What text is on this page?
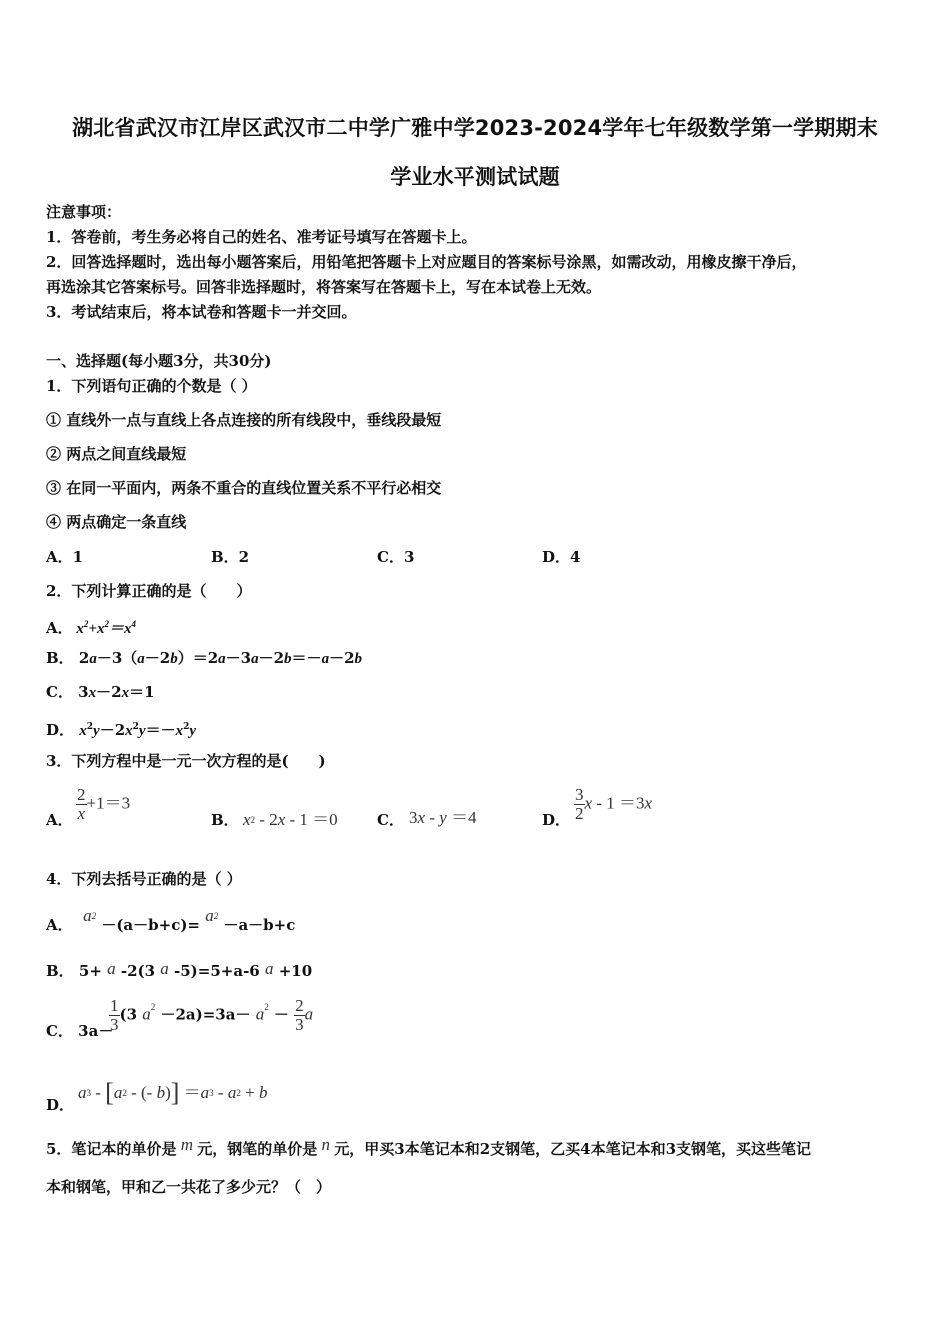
湖北省武汉市江岸区武汉市二中学广雅中学2023-2024学年七年级数学第一学期期末
学业水平测试试题
注意事项：
1．答卷前，考生务必将自己的姓名、准考证号填写在答题卡上。
2．回答选择题时，选出每小题答案后，用铅笔把答题卡上对应题目的答案标号涂黑，如需改动，用橡皮擦干净后，
再选涂其它答案标号。回答非选择题时，将答案写在答题卡上，写在本试卷上无效。
3．考试结束后，将本试卷和答题卡一并交回。
一、选择题(每小题3分，共30分)
1．下列语句正确的个数是（ ）
① 直线外一点与直线上各点连接的所有线段中，垂线段最短
② 两点之间直线最短
③ 在同一平面内，两条不重合的直线位置关系不平行必相交
④ 两点确定一条直线
A．1	B．2	C．3	D．4
2．下列计算正确的是（　　）
A． $x^2+x^2=x^4$
B． 2a－3（a－2b）＝2a－3a－2b＝－a－2b
C． 3x－2x＝1
D． $x^2y-2x^2y=-x^2y$
3．下列方程中是一元一次方程的是(　　)
A． $\frac{2}{x} +1=3$
B． $x^2 - 2x - 1 =0$	C． 3x - y ＝4	D． $\frac{3}{2}$ x - 1 ＝3x
4．下列去括号正确的是（ ）
A． $a^2 -(a-b+c)= a^2 -a-b+c$
B． 5+ a -2(3 a -5)=5+a-6 a +10
C． 3a－
$\frac{1}{3} (3$ $a^2 -2a)=3a- a^2 - \frac{2}{3}$ a
D．
$a^3 - [a^2$ - (- $b)] =a^3 - a^2 + b$
5．笔记本的单价是 m 元，钢笔的单价是 n 元，甲买3本笔记本和2支钢笔，乙买4本笔记本和3支钢笔，买这些笔记
本和钢笔，甲和乙一共花了多少元？（　）
